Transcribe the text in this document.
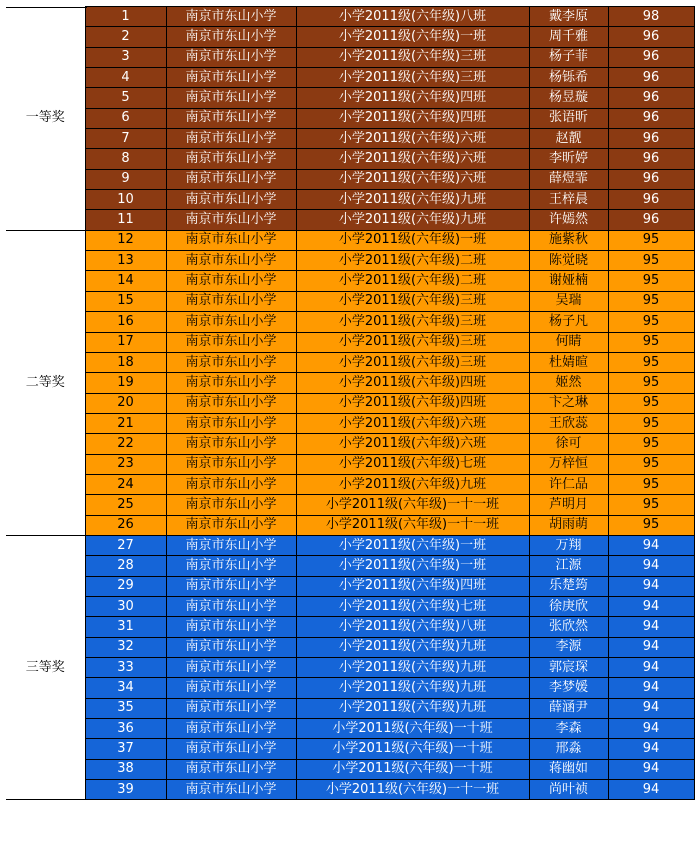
一等奖	1	南京市东山小学	小学2011级(六年级)八班	戴李原	98
	2	南京市东山小学	小学2011级(六年级)一班	周千雅	96
	3	南京市东山小学	小学2011级(六年级)三班	杨子菲	96
	4	南京市东山小学	小学2011级(六年级)三班	杨铄希	96
	5	南京市东山小学	小学2011级(六年级)四班	杨昱璇	96
	6	南京市东山小学	小学2011级(六年级)四班	张语昕	96
	7	南京市东山小学	小学2011级(六年级)六班	赵靓	96
	8	南京市东山小学	小学2011级(六年级)六班	李昕婷	96
	9	南京市东山小学	小学2011级(六年级)六班	薛煜霏	96
	10	南京市东山小学	小学2011级(六年级)九班	王梓晨	96
	11	南京市东山小学	小学2011级(六年级)九班	许嫣然	96
二等奖	12	南京市东山小学	小学2011级(六年级)一班	施紫秋	95
	13	南京市东山小学	小学2011级(六年级)二班	陈觉晓	95
	14	南京市东山小学	小学2011级(六年级)二班	谢娅楠	95
	15	南京市东山小学	小学2011级(六年级)三班	吴瑞	95
	16	南京市东山小学	小学2011级(六年级)三班	杨子凡	95
	17	南京市东山小学	小学2011级(六年级)三班	何睛	95
	18	南京市东山小学	小学2011级(六年级)三班	杜婧暄	95
	19	南京市东山小学	小学2011级(六年级)四班	姬然	95
	20	南京市东山小学	小学2011级(六年级)四班	卞之琳	95
	21	南京市东山小学	小学2011级(六年级)六班	王欣蕊	95
	22	南京市东山小学	小学2011级(六年级)六班	徐可	95
	23	南京市东山小学	小学2011级(六年级)七班	万梓恒	95
	24	南京市东山小学	小学2011级(六年级)九班	许仁品	95
	25	南京市东山小学	小学2011级(六年级)一十一班	芦明月	95
	26	南京市东山小学	小学2011级(六年级)一十一班	胡雨萌	95
三等奖	27	南京市东山小学	小学2011级(六年级)一班	万翔	94
	28	南京市东山小学	小学2011级(六年级)一班	江源	94
	29	南京市东山小学	小学2011级(六年级)四班	乐楚筠	94
	30	南京市东山小学	小学2011级(六年级)七班	徐庚欣	94
	31	南京市东山小学	小学2011级(六年级)八班	张欣然	94
	32	南京市东山小学	小学2011级(六年级)九班	李源	94
	33	南京市东山小学	小学2011级(六年级)九班	郭宸琛	94
	34	南京市东山小学	小学2011级(六年级)九班	李梦媛	94
	35	南京市东山小学	小学2011级(六年级)九班	薛涵尹	94
	36	南京市东山小学	小学2011级(六年级)一十班	李森	94
	37	南京市东山小学	小学2011级(六年级)一十班	邢淼	94
	38	南京市东山小学	小学2011级(六年级)一十班	蒋幽如	94
	39	南京市东山小学	小学2011级(六年级)一十一班	尚叶祯	94
